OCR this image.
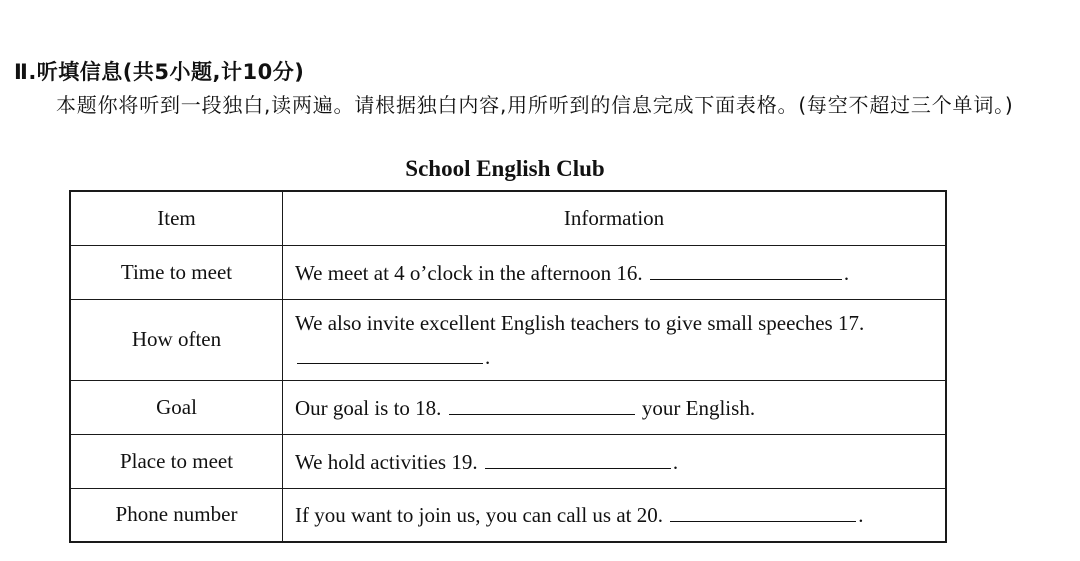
Ⅱ.听填信息(共5小题,计10分)
本题你将听到一段独白,读两遍。请根据独白内容,用所听到的信息完成下面表格。(每空不超过三个单词。)
School English Club
Item	Information
Time to meet	We meet at 4 o’clock in the afternoon 16. .
How often	We also invite excellent English teachers to give small speeches 17. .
Goal	Our goal is to 18. your English.
Place to meet	We hold activities 19. .
Phone number	If you want to join us, you can call us at 20. .
